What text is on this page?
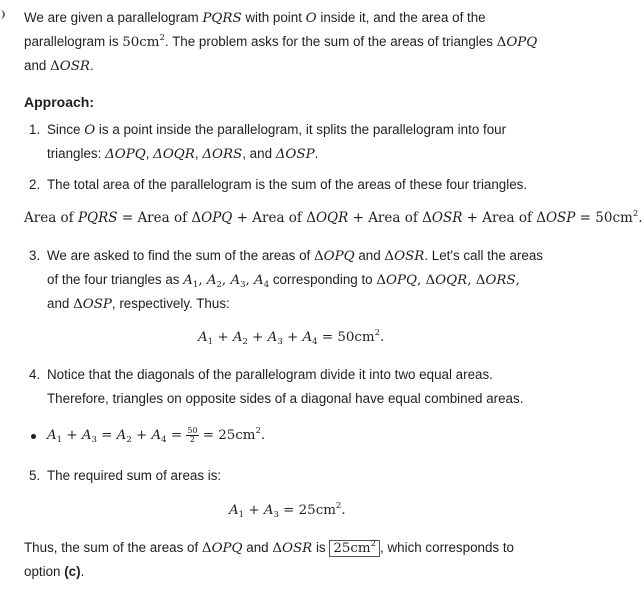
We are given a parallelogram PQRS with point O inside it, and the area of the
parallelogram is $50cm^2$. The problem asks for the sum of the areas of triangles ΔOPQ
and ΔOSR.
Approach:
1. Since O is a point inside the parallelogram, it splits the parallelogram into four
triangles: ΔOPQ, ΔOQR, ΔORS, and ΔOSP.
2. The total area of the parallelogram is the sum of the areas of these four triangles.
Area of PQRS = Area of ΔOPQ + Area of ΔOQR + Area of ΔOSR + Area of $\Delta OSP = 50cm^2$.
3. We are asked to find the sum of the areas of ΔOPQ and ΔOSR. Let's call the areas
of the four triangles as $A_1$, $A_2$, $A_3$, $A_4$ corresponding to ΔOPQ, ΔOQR, ΔORS,
and ΔOSP, respectively. Thus:
$A_1 + A_2 + A_3 + A_4 = 50cm^2$.
4. Notice that the diagonals of the parallelogram divide it into two equal areas.
Therefore, triangles on opposite sides of a diagonal have equal combined areas.
$A_1 + A_3 = A_2 + A_4 = \frac{50}{2} = 25cm^2$.
5. The required sum of areas is:
$A_1 + A_3 = 25cm^2$.
Thus, the sum of the areas of ΔOPQ and ΔOSR is $25cm^2$ , which corresponds to
option (c).
